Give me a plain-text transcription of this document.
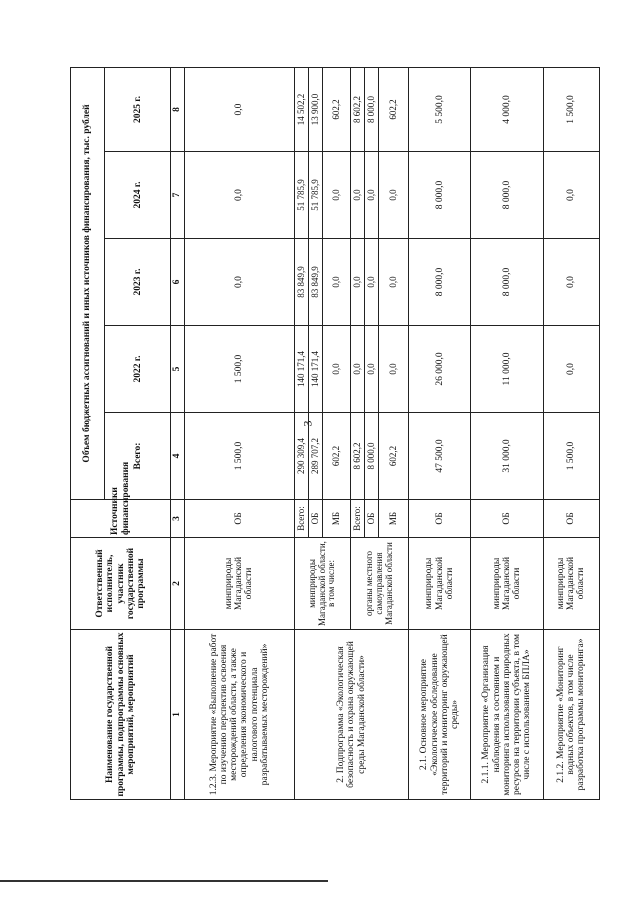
3
Наименование государственной программы, подпрограммы основных мероприятий, мероприятий	Ответственный исполнитель, участник государственной программы	Источники финансирования	Объем бюджетных ассигнований и иных источников финансирования, тыс. рублей				
			Всего:	2022 г.	2023 г.	2024 г.	2025 г.
1	2	3	4	5	6	7	8
1.2.3. Мероприятие «Выполнение работ по изучению перспектив освоения месторождений области, а также определения экономического и налогового потенциала разрабатываемых месторождений»	минприроды Магаданской области	ОБ	1 500,0	1 500,0	0,0	0,0	0,0
2. Подпрограмма «Экологическая безопасность и охрана окружающей среды Магаданской области»	минприроды Магаданской области, в том числе:	Всего:	290 309,4	140 171,4	83 849,9	51 785,9	14 502,2
		ОБ	289 707,2	140 171,4	83 849,9	51 785,9	13 900,0
		МБ	602,2	0,0	0,0	0,0	602,2
	органы местного самоуправления Магаданской области	Всего:	8 602,2	0,0	0,0	0,0	8 602,2
		ОБ	8 000,0	0,0	0,0	0,0	8 000,0
		МБ	602,2	0,0	0,0	0,0	602,2
2.1. Основное мероприятие «Экологическое обследование территорий и мониторинг окружающей среды»	минприроды Магаданской области	ОБ	47 500,0	26 000,0	8 000,0	8 000,0	5 500,0
2.1.1. Мероприятие «Организация наблюдения за состоянием и мониторинга использования природных ресурсов на территории субъекта, в том числе с использованием БПЛА»	минприроды Магаданской области	ОБ	31 000,0	11 000,0	8 000,0	8 000,0	4 000,0
2.1.2. Мероприятие «Мониторинг водных объектов, в том числе разработка программы мониторинга»	минприроды Магаданской области	ОБ	1 500,0	0,0	0,0	0,0	1 500,0
